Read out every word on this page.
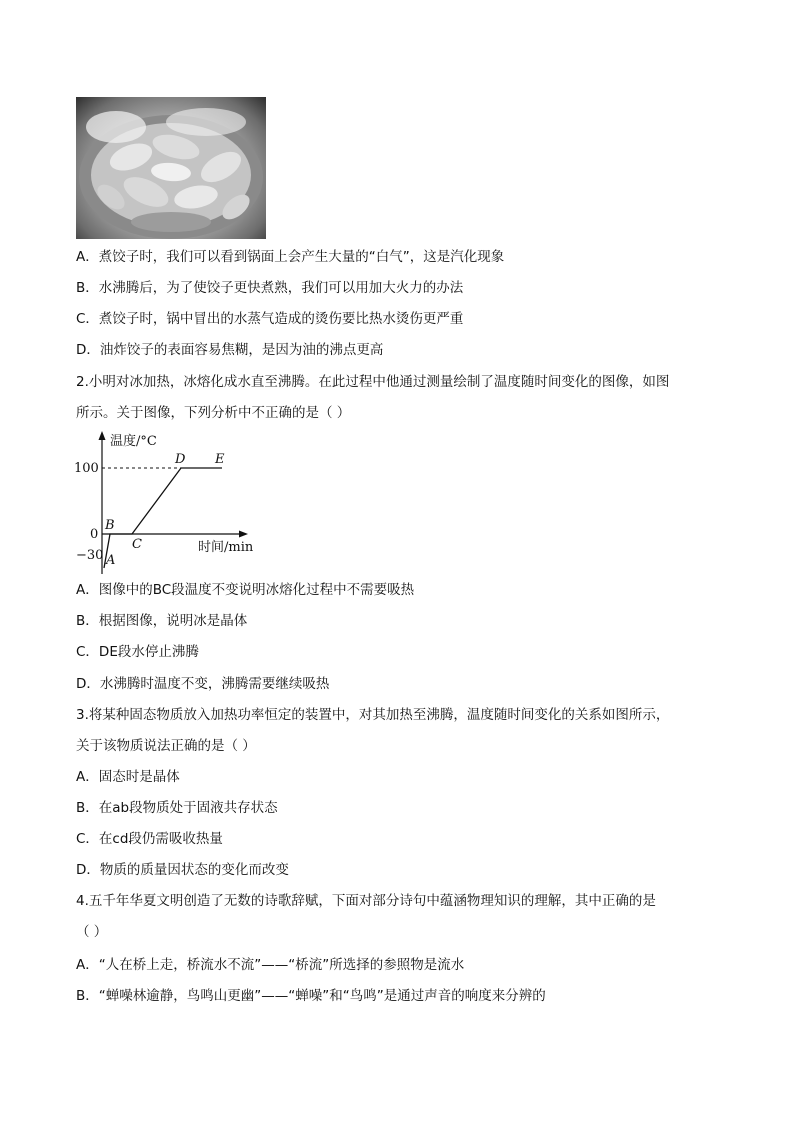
A．煮饺子时，我们可以看到锅面上会产生大量的“白气”，这是汽化现象
B．水沸腾后，为了使饺子更快煮熟，我们可以用加大火力的办法
C．煮饺子时，锅中冒出的水蒸气造成的烫伤要比热水烫伤更严重
D．油炸饺子的表面容易焦糊，是因为油的沸点更高
2.小明对冰加热，冰熔化成水直至沸腾。在此过程中他通过测量绘制了温度随时间变化的图像，如图
所示。关于图像，下列分析中不正确的是（ ）
温度/°C
时间/min
100
0
−30 A
B
C
D E
A．图像中的BC段温度不变说明冰熔化过程中不需要吸热
B．根据图像，说明冰是晶体
C．DE段水停止沸腾
D．水沸腾时温度不变，沸腾需要继续吸热
3.将某种固态物质放入加热功率恒定的装置中，对其加热至沸腾，温度随时间变化的关系如图所示，
关于该物质说法正确的是（ ）
A．固态时是晶体
B．在ab段物质处于固液共存状态
C．在cd段仍需吸收热量
D．物质的质量因状态的变化而改变
4.五千年华夏文明创造了无数的诗歌辞赋，下面对部分诗句中蕴涵物理知识的理解，其中正确的是
（ ）
A．“人在桥上走，桥流水不流”——“桥流”所选择的参照物是流水
B．“蝉噪林逾静，鸟鸣山更幽”——“蝉噪”和“鸟鸣”是通过声音的响度来分辨的
